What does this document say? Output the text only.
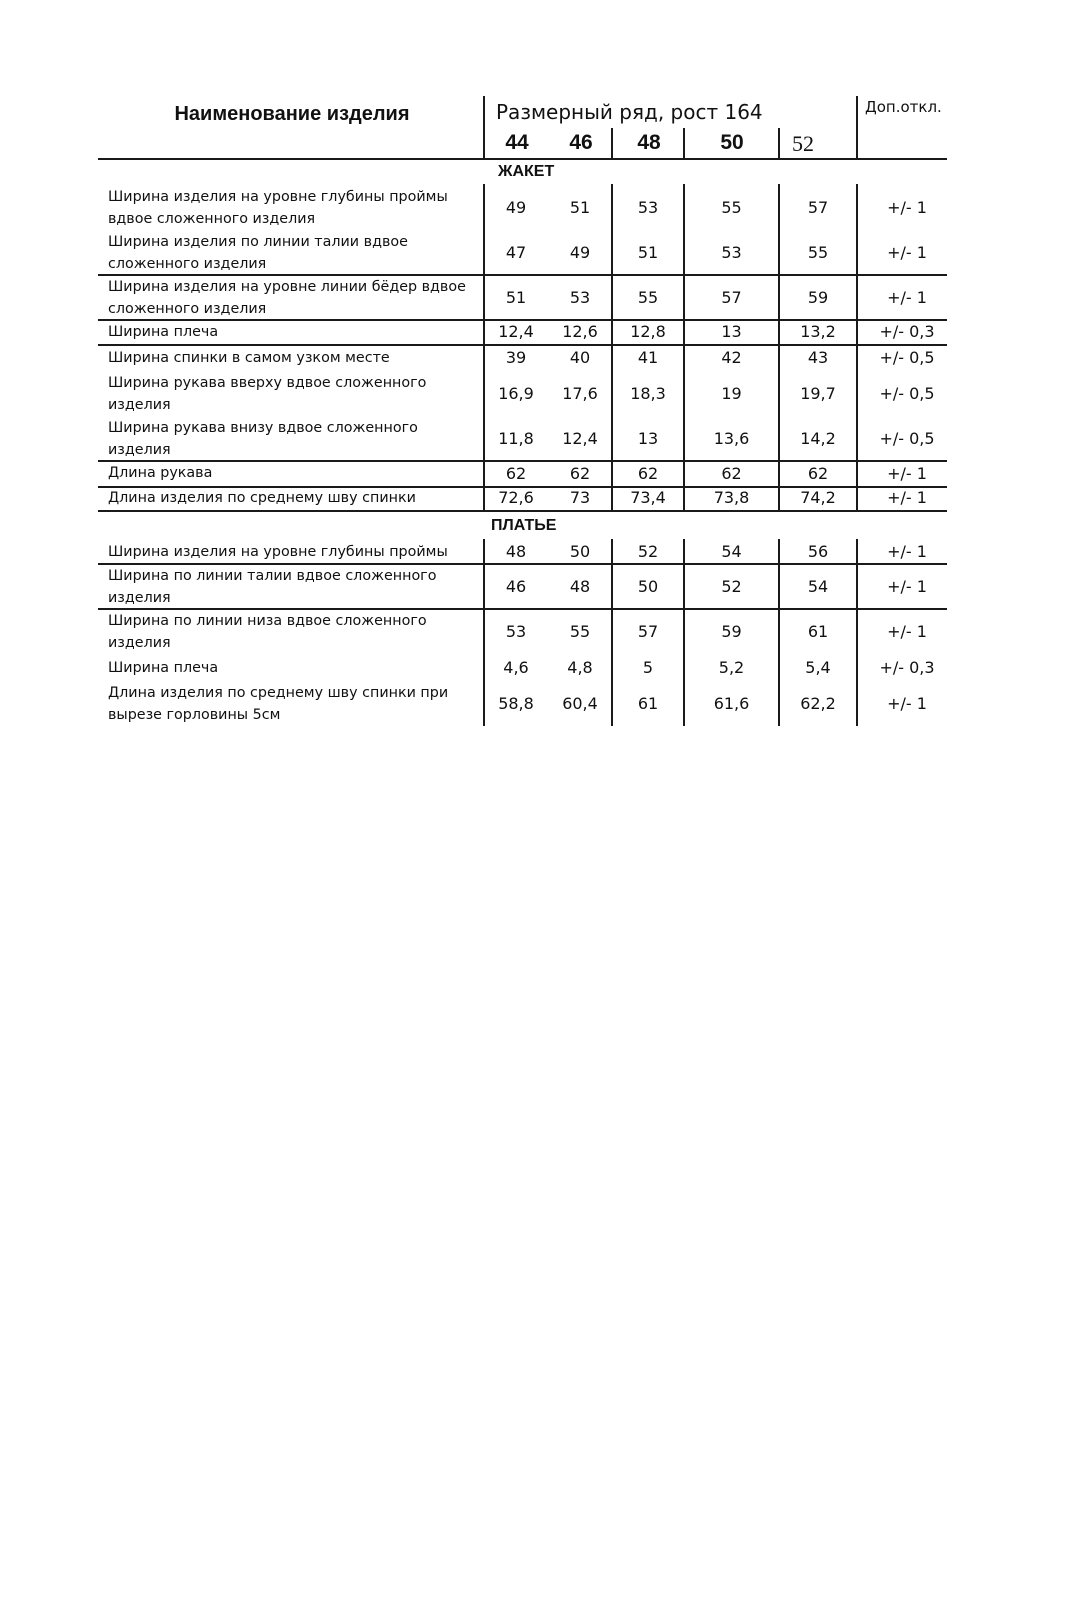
Наименование изделия	Размерный ряд, рост 164	Доп.откл.
44	46	48	50	52
ЖАКЕТ
Ширина изделия на уровне глубины проймы вдвое сложенного изделия
49	51	53	55	57	+/- 1
Ширина изделия по линии талии вдвое сложенного изделия
47	49	51	53	55	+/- 1
Ширина изделия на уровне линии бёдер вдвое сложенного изделия
51	53	55	57	59	+/- 1
Ширина плеча	12,4	12,6	12,8	13	13,2	+/- 0,3
Ширина спинки в самом узком месте	39	40	41	42	43	+/- 0,5
Ширина рукава вверху вдвое сложенного изделия
16,9	17,6	18,3	19	19,7	+/- 0,5
Ширина рукава внизу вдвое сложенного изделия
11,8	12,4	13	13,6	14,2	+/- 0,5
Длина рукава	62	62	62	62	62	+/- 1
Длина изделия по среднему шву спинки	72,6	73	73,4	73,8	74,2	+/- 1
ПЛАТЬЕ
Ширина изделия на уровне глубины проймы	48	50	52	54	56	+/- 1
Ширина по линии талии вдвое сложенного изделия
46	48	50	52	54	+/- 1
Ширина по линии низа вдвое сложенного изделия
53	55	57	59	61	+/- 1
Ширина плеча	4,6	4,8	5	5,2	5,4	+/- 0,3
Длина изделия по среднему шву спинки при вырезе горловины 5см
58,8	60,4	61	61,6	62,2	+/- 1
